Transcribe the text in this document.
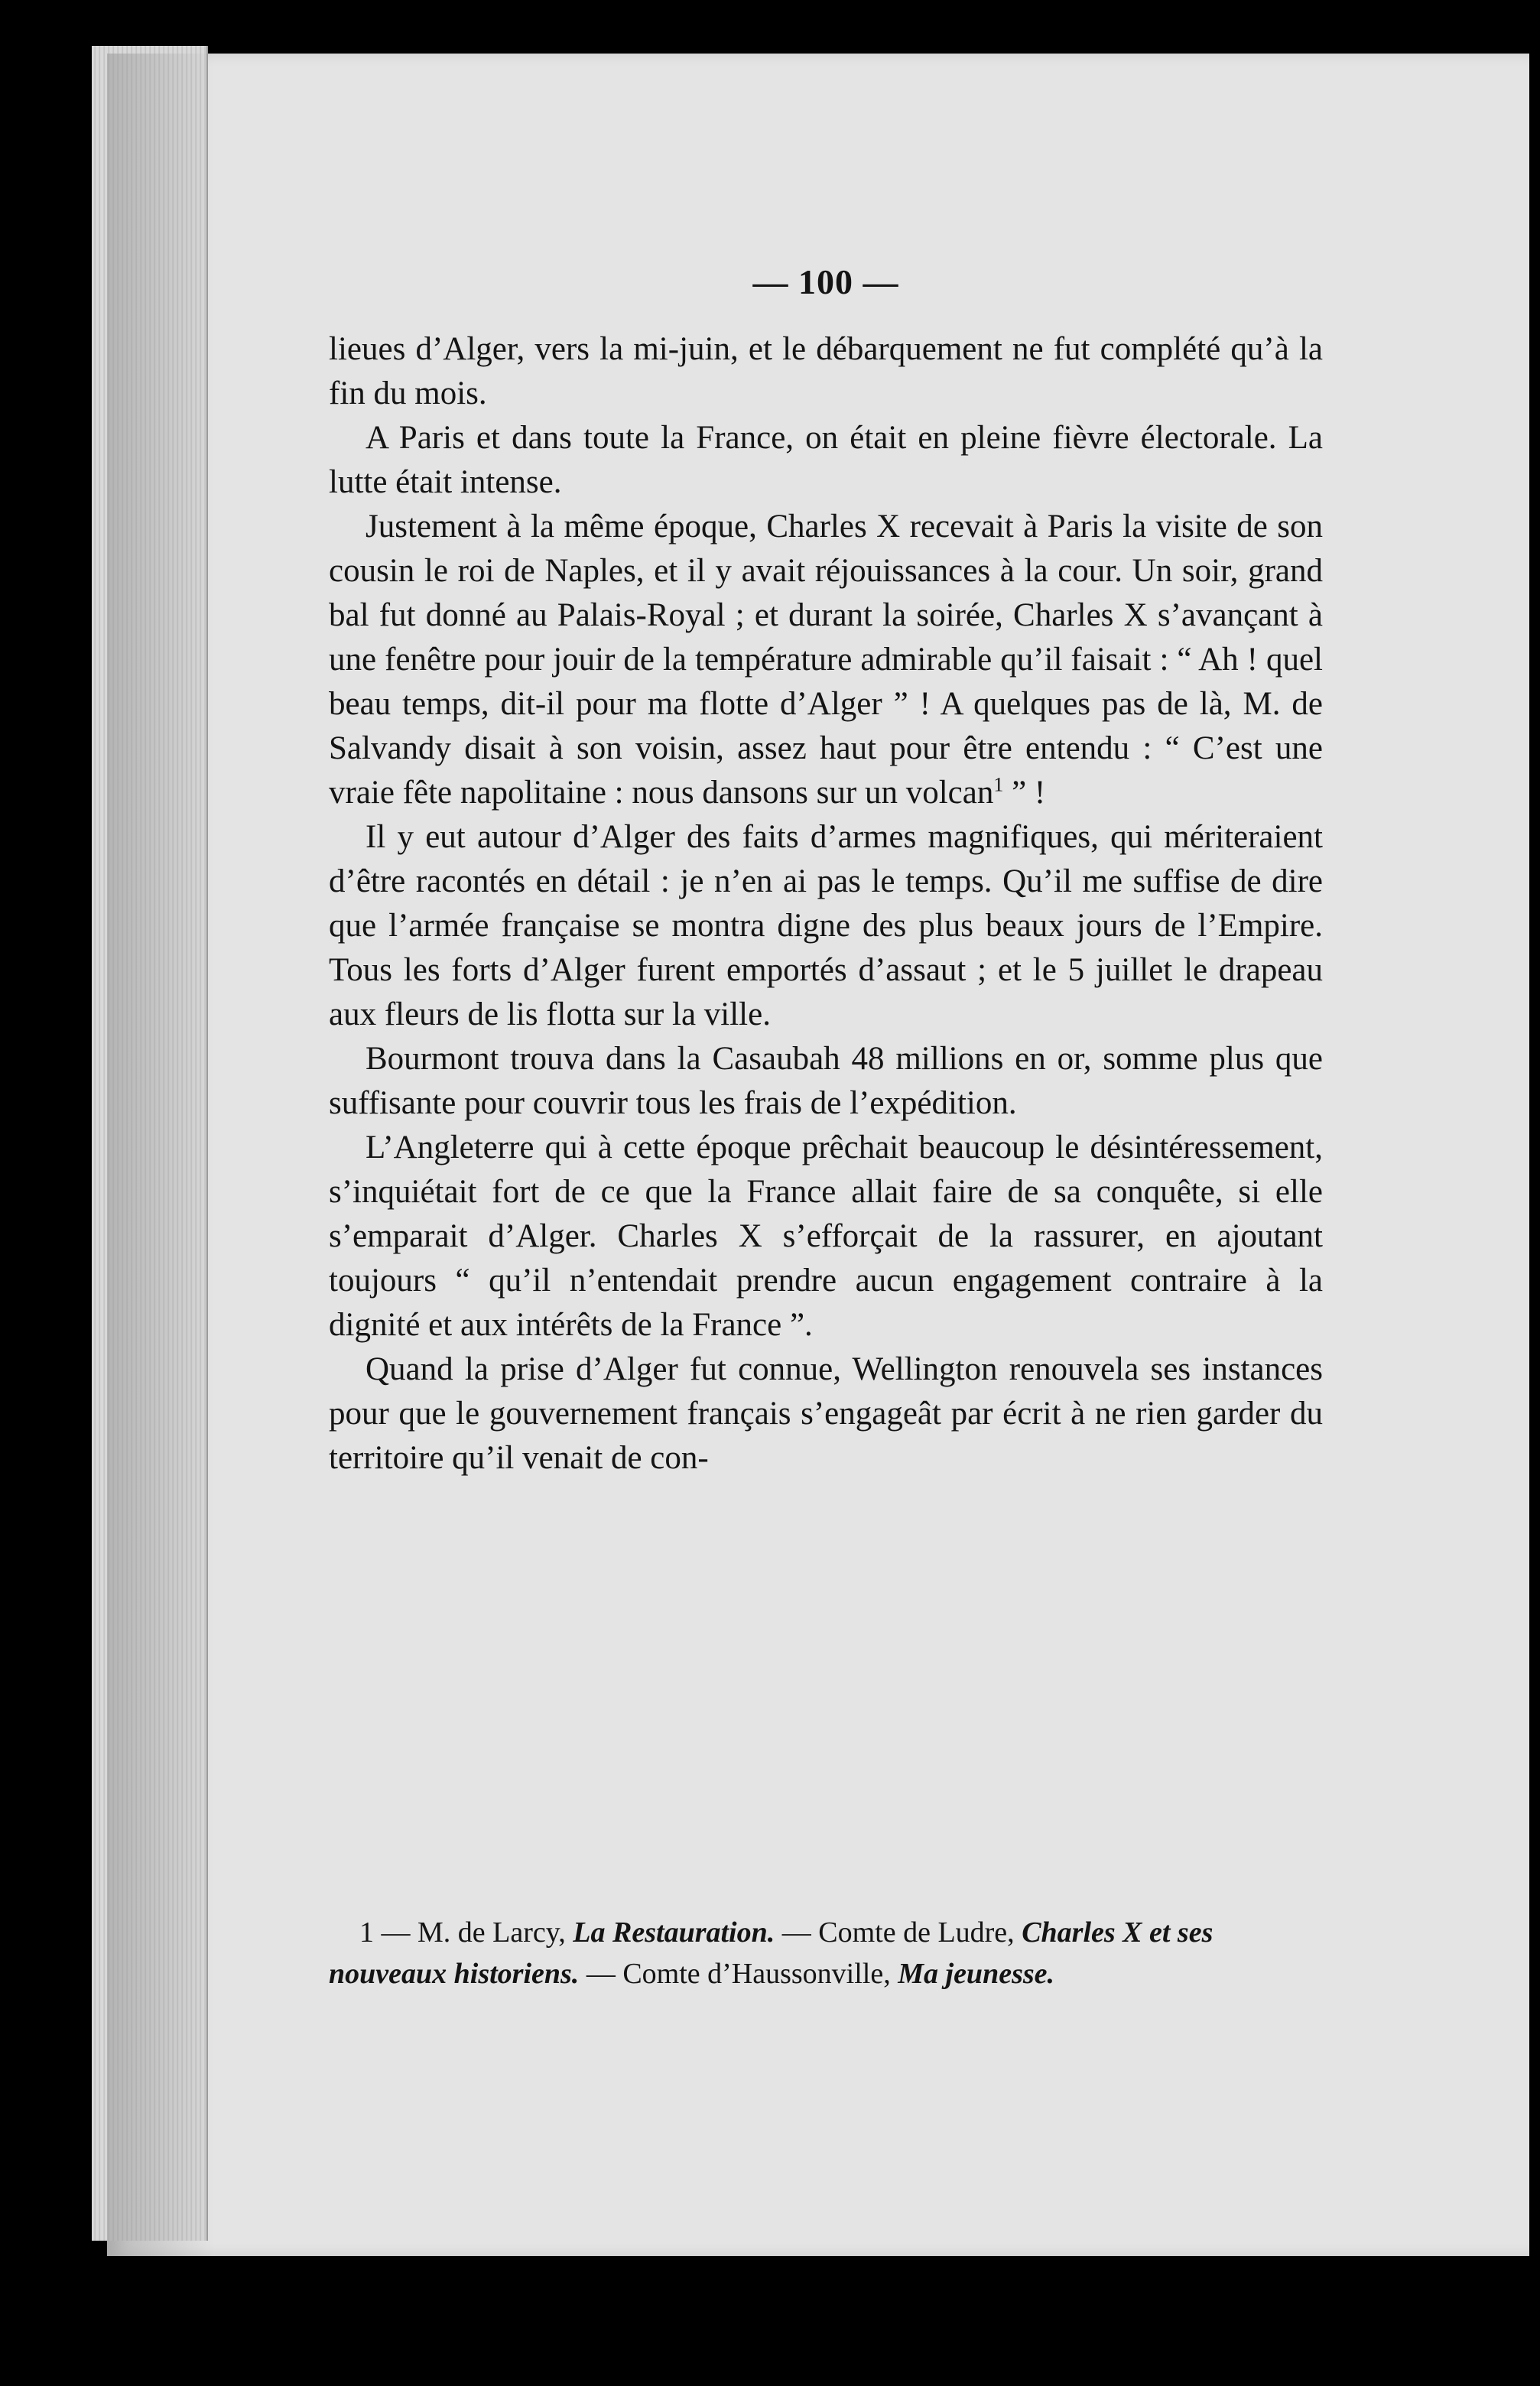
— 100 —

lieues d’Alger, vers la mi-juin, et le débarquement ne fut complété qu’à la fin du mois.

A Paris et dans toute la France, on était en pleine fièvre électorale. La lutte était intense.

Justement à la même époque, Charles X recevait à Paris la visite de son cousin le roi de Naples, et il y avait réjouissances à la cour. Un soir, grand bal fut donné au Palais-Royal ; et durant la soirée, Charles X s’avançant à une fenêtre pour jouir de la température admirable qu’il faisait : “ Ah ! quel beau temps, dit-il pour ma flotte d’Alger ” ! A quelques pas de là, M. de Salvandy disait à son voisin, assez haut pour être entendu : “ C’est une vraie fête napolitaine : nous dansons sur un volcan$^1$ ” !

Il y eut autour d’Alger des faits d’armes magnifiques, qui mériteraient d’être racontés en détail : je n’en ai pas le temps. Qu’il me suffise de dire que l’armée française se montra digne des plus beaux jours de l’Empire. Tous les forts d’Alger furent emportés d’assaut ; et le 5 juillet le drapeau aux fleurs de lis flotta sur la ville.

Bourmont trouva dans la Casaubah 48 millions en or, somme plus que suffisante pour couvrir tous les frais de l’expédition.

L’Angleterre qui à cette époque prêchait beaucoup le désintéressement, s’inquiétait fort de ce que la France allait faire de sa conquête, si elle s’emparait d’Alger. Charles X s’efforçait de la rassurer, en ajoutant toujours “ qu’il n’entendait prendre aucun engagement contraire à la dignité et aux intérêts de la France ”.

Quand la prise d’Alger fut connue, Wellington renouvela ses instances pour que le gouvernement français s’engageât par écrit à ne rien garder du territoire qu’il venait de con-

1 — M. de Larcy, La Restauration. — Comte de Ludre, Charles X et ses nouveaux historiens. — Comte d’Haussonville, Ma jeunesse.
